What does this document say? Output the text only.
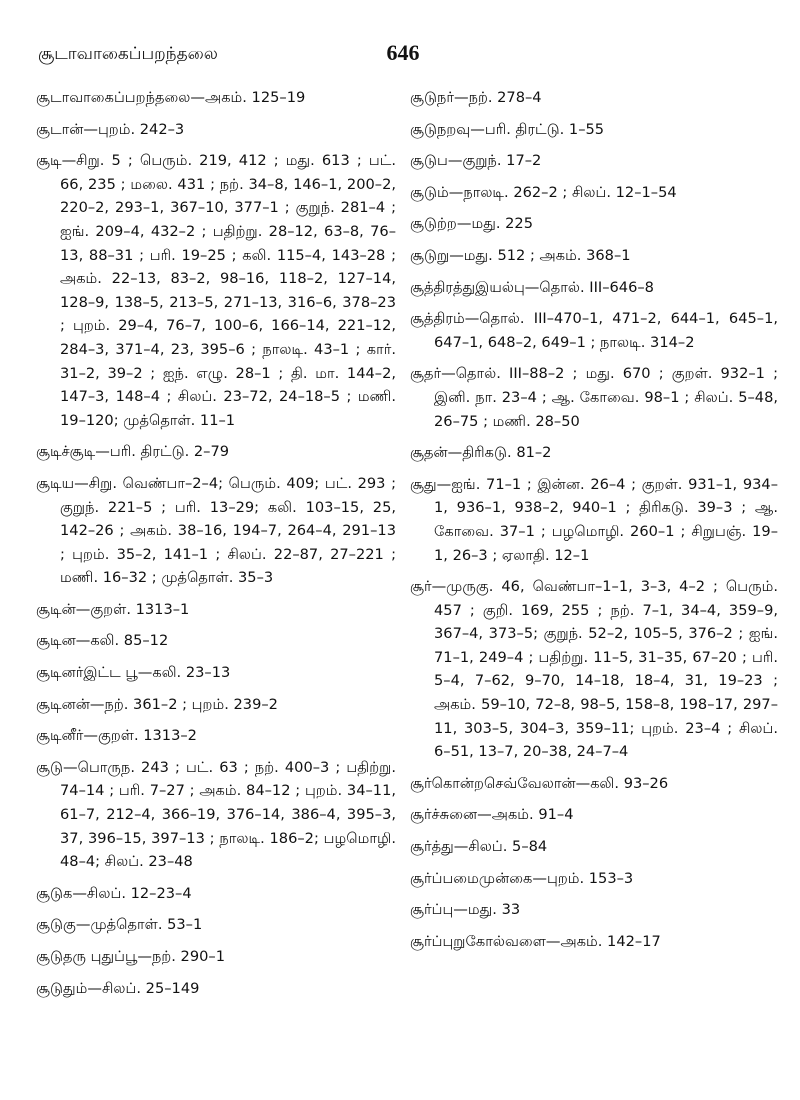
சூடாவாகைப்பறந்தலை	646
சூடாவாகைப்பறந்தலை—அகம். 125–19
சூடான்—புறம். 242–3
சூடி—சிறு. 5 ; பெரும். 219, 412 ; மது. 613 ; பட். 66, 235 ; மலை. 431 ; நற். 34–8, 146–1, 200–2, 220–2, 293–1, 367–10, 377–1 ; குறுந். 281–4 ; ஐங். 209–4, 432–2 ; பதிற்று. 28–12, 63–8, 76–13, 88–31 ; பரி. 19–25 ; கலி. 115–4, 143–28 ; அகம். 22–13, 83–2, 98–16, 118–2, 127–14, 128–9, 138–5, 213–5, 271–13, 316–6, 378–23 ; புறம். 29–4, 76–7, 100–6, 166–14, 221–12, 284–3, 371–4, 23, 395–6 ; நாலடி. 43–1 ; கார். 31–2, 39–2 ; ஐந். எழு. 28–1 ; தி. மா. 144–2, 147–3, 148–4 ; சிலப். 23–72, 24–18–5 ; மணி. 19–120; முத்தொள். 11–1
சூடிச்சூடி—பரி. திரட்டு. 2–79
சூடிய—சிறு. வெண்பா–2–4; பெரும். 409; பட். 293 ; குறுந். 221–5 ; பரி. 13–29; கலி. 103–15, 25, 142–26 ; அகம். 38–16, 194–7, 264–4, 291–13 ; புறம். 35–2, 141–1 ; சிலப். 22–87, 27–221 ; மணி. 16–32 ; முத்தொள். 35–3
சூடின்—குறள். 1313–1
சூடின—கலி. 85–12
சூடினர்இட்ட பூ—கலி. 23–13
சூடினன்—நற். 361–2 ; புறம். 239–2
சூடினீர்—குறள். 1313–2
சூடு—பொருந. 243 ; பட். 63 ; நற். 400–3 ; பதிற்று. 74–14 ; பரி. 7–27 ; அகம். 84–12 ; புறம். 34–11, 61–7, 212–4, 366–19, 376–14, 386–4, 395–3, 37, 396–15, 397–13 ; நாலடி. 186–2; பழமொழி. 48–4; சிலப். 23–48
சூடுக—சிலப். 12–23–4
சூடுகு—முத்தொள். 53–1
சூடுதரு புதுப்பூ—நற். 290–1
சூடுதும்—சிலப். 25–149
சூடுநர்—நற். 278–4
சூடுநறவு—பரி. திரட்டு. 1–55
சூடுப—குறுந். 17–2
சூடும்—நாலடி. 262–2 ; சிலப். 12–1–54
சூடுற்ற—மது. 225
சூடுறு—மது. 512 ; அகம். 368–1
சூத்திரத்துஇயல்பு—தொல். III–646–8
சூத்திரம்—தொல். III–470–1, 471–2, 644–1, 645–1, 647–1, 648–2, 649–1 ; நாலடி. 314–2
சூதர்—தொல். III–88–2 ; மது. 670 ; குறள். 932–1 ; இனி. நா. 23–4 ; ஆ. கோவை. 98–1 ; சிலப். 5–48, 26–75 ; மணி. 28–50
சூதன்—திரிகடு. 81–2
சூது—ஐங். 71–1 ; இன்ன. 26–4 ; குறள். 931–1, 934–1, 936–1, 938–2, 940–1 ; திரிகடு. 39–3 ; ஆ. கோவை. 37–1 ; பழமொழி. 260–1 ; சிறுபஞ். 19–1, 26–3 ; ஏலாதி. 12–1
சூர்—முருகு. 46, வெண்பா–1–1, 3–3, 4–2 ; பெரும். 457 ; குறி. 169, 255 ; நற். 7–1, 34–4, 359–9, 367–4, 373–5; குறுந். 52–2, 105–5, 376–2 ; ஐங். 71–1, 249–4 ; பதிற்று. 11–5, 31–35, 67–20 ; பரி. 5–4, 7–62, 9–70, 14–18, 18–4, 31, 19–23 ; அகம். 59–10, 72–8, 98–5, 158–8, 198–17, 297–11, 303–5, 304–3, 359–11; புறம். 23–4 ; சிலப். 6–51, 13–7, 20–38, 24–7–4
சூர்கொன்றசெவ்வேலான்—கலி. 93–26
சூர்ச்சுனை—அகம். 91–4
சூர்த்து—சிலப். 5–84
சூர்ப்பமைமுன்கை—புறம். 153–3
சூர்ப்பு—மது. 33
சூர்ப்புறுகோல்வளை—அகம். 142–17
